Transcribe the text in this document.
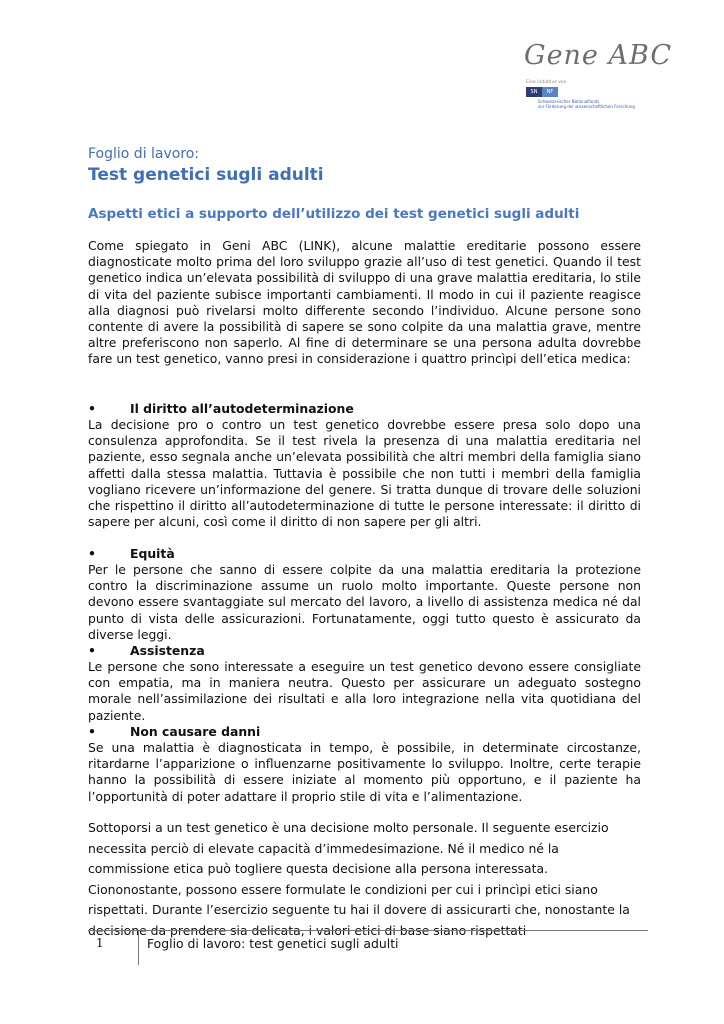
Gene ABC
Eine Initiative von
SN	NF
Schweizerischer Nationalfonds
zur Förderung der wissenschaftlichen Forschung
Foglio di lavoro:
Test genetici sugli adulti
Aspetti etici a supporto dell’utilizzo dei test genetici sugli adulti

Come spiegato in Geni ABC (LINK), alcune malattie ereditarie possono essere diagnosticate molto prima del loro sviluppo grazie all’uso di test genetici. Quando il test genetico indica un’elevata possibilità di sviluppo di una grave malattia ereditaria, lo stile di vita del paziente subisce importanti cambiamenti. Il modo in cui il paziente reagisce alla diagnosi può rivelarsi molto differente secondo l’individuo. Alcune persone sono contente di avere la possibilità di sapere se sono colpite da una malattia grave, mentre altre preferiscono non saperlo. Al fine di determinare se una persona adulta dovrebbe fare un test genetico, vanno presi in considerazione i quattro princìpi dell’etica medica:

•	Il diritto all’autodeterminazione

La decisione pro o contro un test genetico dovrebbe essere presa solo dopo una consulenza approfondita. Se il test rivela la presenza di una malattia ereditaria nel paziente, esso segnala anche un’elevata possibilità che altri membri della famiglia siano affetti dalla stessa malattia. Tuttavia è possibile che non tutti i membri della famiglia vogliano ricevere un’informazione del genere. Si tratta dunque di trovare delle soluzioni che rispettino il diritto all’autodeterminazione di tutte le persone interessate: il diritto di sapere per alcuni, così come il diritto di non sapere per gli altri.

•	Equità

Per le persone che sanno di essere colpite da una malattia ereditaria la protezione contro la discriminazione assume un ruolo molto importante. Queste persone non devono essere svantaggiate sul mercato del lavoro, a livello di assistenza medica né dal punto di vista delle assicurazioni. Fortunatamente, oggi tutto questo è assicurato da diverse leggi.

•	Assistenza

Le persone che sono interessate a eseguire un test genetico devono essere consigliate con empatia, ma in maniera neutra. Questo per assicurare un adeguato sostegno morale nell’assimilazione dei risultati e alla loro integrazione nella vita quotidiana del paziente.

•	Non causare danni

Se una malattia è diagnosticata in tempo, è possibile, in determinate circostanze, ritardarne l’apparizione o influenzarne positivamente lo sviluppo. Inoltre, certe terapie hanno la possibilità di essere iniziate al momento più opportuno, e il paziente ha l’opportunità di poter adattare il proprio stile di vita e l’alimentazione.

Sottoporsi a un test genetico è una decisione molto personale. Il seguente esercizio necessita perciò di elevate capacità d’immedesimazione. Né il medico né la commissione etica può togliere questa decisione alla persona interessata. Ciononostante, possono essere formulate le condizioni per cui i princìpi etici siano rispettati. Durante l’esercizio seguente tu hai il dovere di assicurarti che, nonostante la decisione da prendere sia delicata, i valori etici di base siano rispettati

1	Foglio di lavoro: test genetici sugli adulti
